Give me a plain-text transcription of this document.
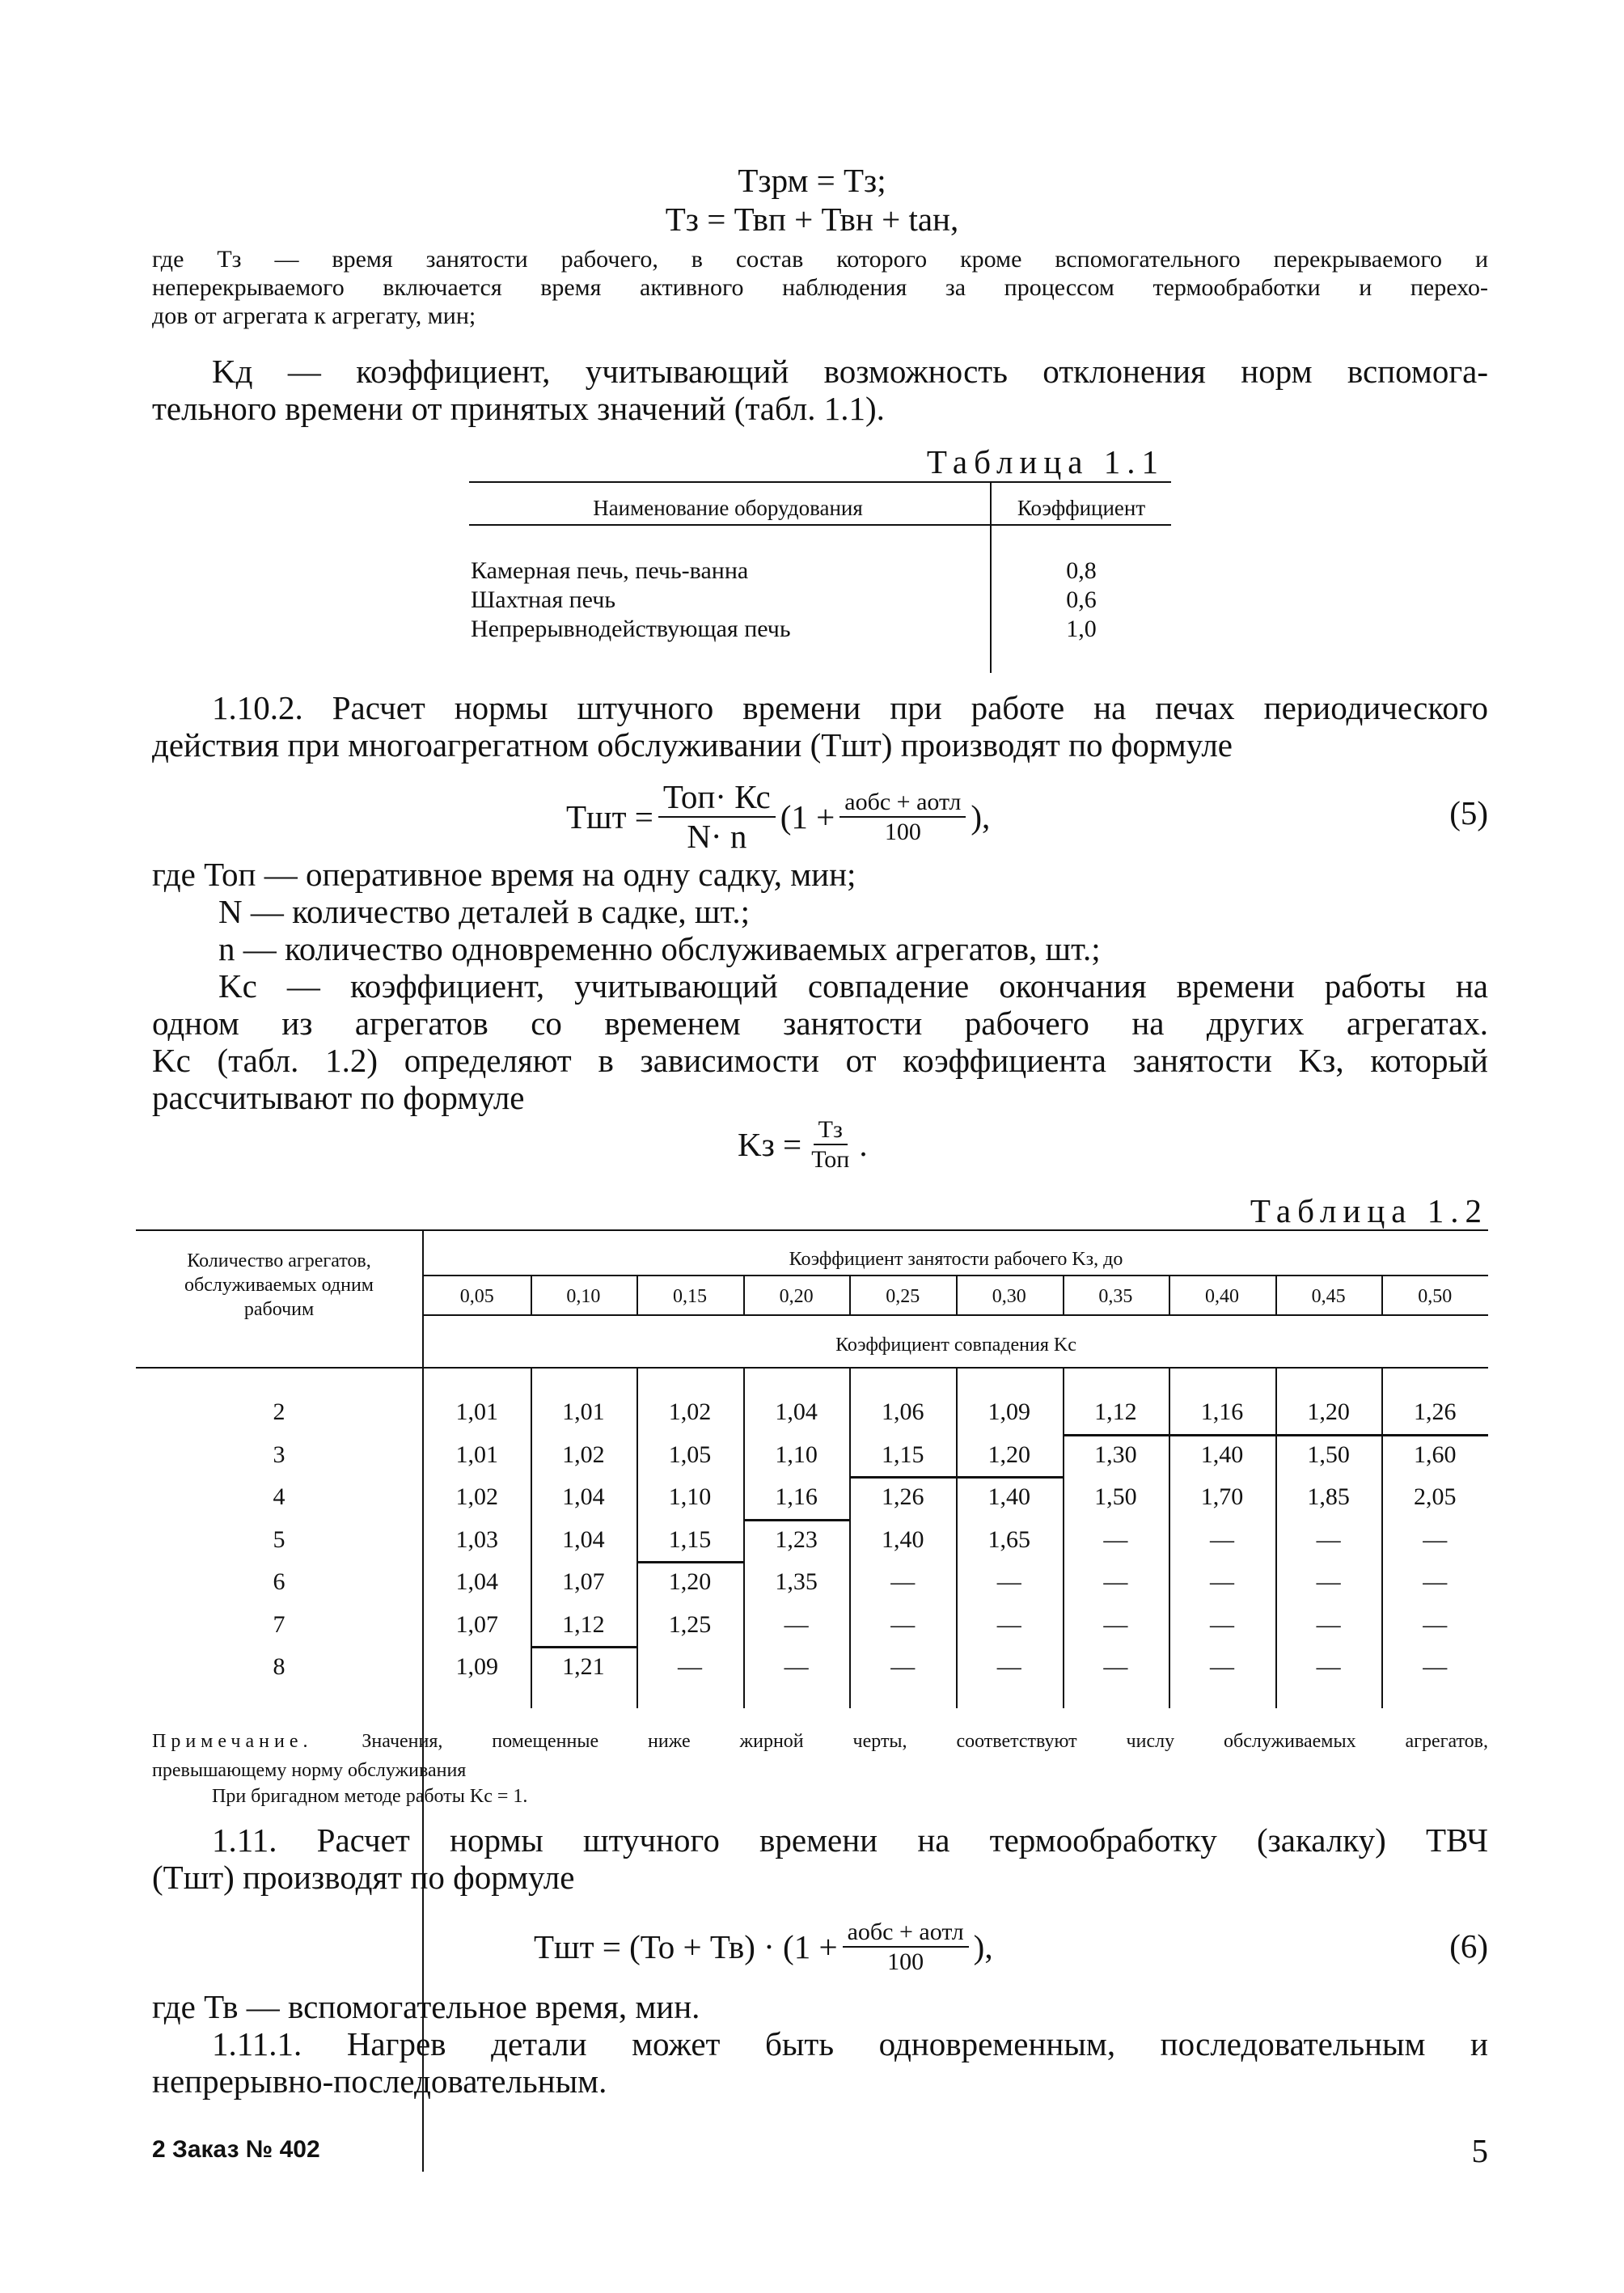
Тзрм = Тз;
Тз = Твп + Твн + tан,
где Тз — время занятости рабочего, в состав которого кроме вспомогательного перекрываемого и
неперекрываемого включается время активного наблюдения за процессом термообработки и перехо-
дов от агрегата к агрегату, мин;
Kд — коэффициент, учитывающий возможность отклонения норм вспомога-
тельного времени от принятых значений (табл. 1.1).
Таблица 1.1
Наименование оборудования	Коэффициент
Камерная печь, печь-ванна	0,8
Шахтная печь	0,6
Непрерывнодействующая печь	1,0
1.10.2. Расчет нормы штучного времени при работе на печах периодического
действия при многоагрегатном обслуживании (Тшт) производят по формуле
Тшт = $\frac{\text{Топ· Кс}}{N\cdot n} (1 + \frac{\text{aобс + aотл}}{100}$ ),	(5)
где Топ — оперативное время на одну садку, мин;
N — количество деталей в садке, шт.;
n — количество одновременно обслуживаемых агрегатов, шт.;
Kс — коэффициент, учитывающий совпадение окончания времени работы на
одном из агрегатов со временем занятости рабочего на других агрегатах.
Kс (табл. 1.2) определяют в зависимости от коэффициента занятости Kз, который
рассчитывают по формуле
Kз = $\frac{Тз}{\text{Топ}}$ .
Таблица 1.2
Количество агрегатов,
обслуживаемых одним
рабочим
Коэффициент занятости рабочего Kз, до
Коэффициент совпадения Kс
0,05	0,10	0,15	0,20	0,25	0,30	0,35	0,40	0,45	0,50
2	1,01	1,01	1,02	1,04	1,06	1,09	1,12	1,16	1,20	1,26
3	1,01	1,02	1,05	1,10	1,15	1,20	1,30	1,40	1,50	1,60
4	1,02	1,04	1,10	1,16	1,26	1,40	1,50	1,70	1,85	2,05
5	1,03	1,04	1,15	1,23	1,40	1,65	—	—	—	—
6	1,04	1,07	1,20	1,35	—	—	—	—	—	—
7	1,07	1,12	1,25	—	—	—	—	—	—	—
8	1,09	1,21	—	—	—	—	—	—	—	—
Примечание.	Значения, помещенные ниже жирной черты, соответствуют числу обслуживаемых агрегатов,
превышающему норму обслуживания
При бригадном методе работы Kс = 1.
1.11. Расчет нормы штучного времени на термообработку (закалку) ТВЧ
(Тшт) производят по формуле
Тшт = $(То + Тв) \cdot (1 + \frac{\text{aобс + aотл}}{100}$ ),	(6)
где Тв — вспомогательное время, мин.
1.11.1. Нагрев детали может быть одновременным, последовательным и
непрерывно-последовательным.
2 Заказ № 402	5
